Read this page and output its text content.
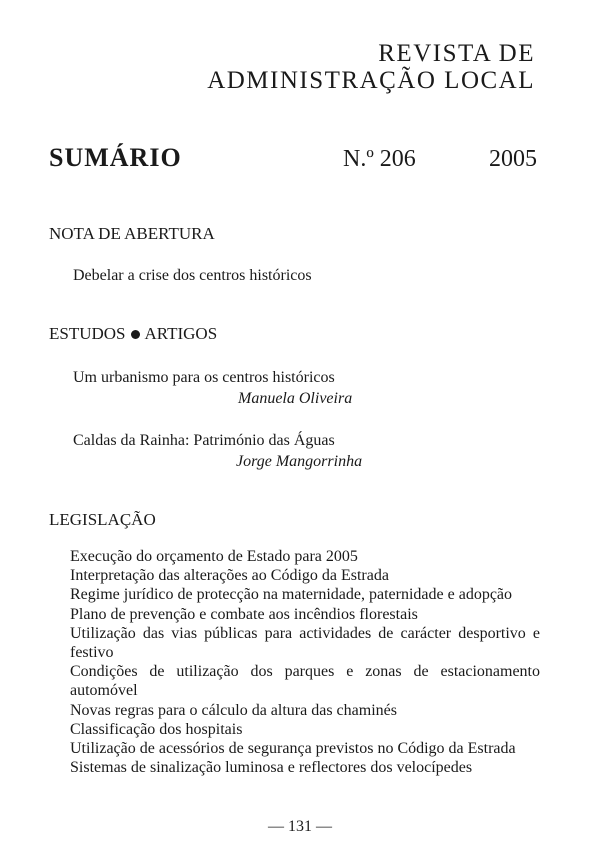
REVISTA DE
ADMINISTRAÇÃO LOCAL
SUMÁRIO	N.º 206	2005
NOTA DE ABERTURA
Debelar a crise dos centros históricos
ESTUDOS ARTIGOS
Um urbanismo para os centros históricos
Manuela Oliveira
Caldas da Rainha: Património das Águas
Jorge Mangorrinha
LEGISLAÇÃO
Execução do orçamento de Estado para 2005
Interpretação das alterações ao Código da Estrada
Regime jurídico de protecção na maternidade, paternidade e adopção
Plano de prevenção e combate aos incêndios florestais
Utilização das vias públicas para actividades de carácter desportivo e festivo
Condições de utilização dos parques e zonas de estacionamento automóvel
Novas regras para o cálculo da altura das chaminés
Classificação dos hospitais
Utilização de acessórios de segurança previstos no Código da Estrada
Sistemas de sinalização luminosa e reflectores dos velocípedes
— 131 —
